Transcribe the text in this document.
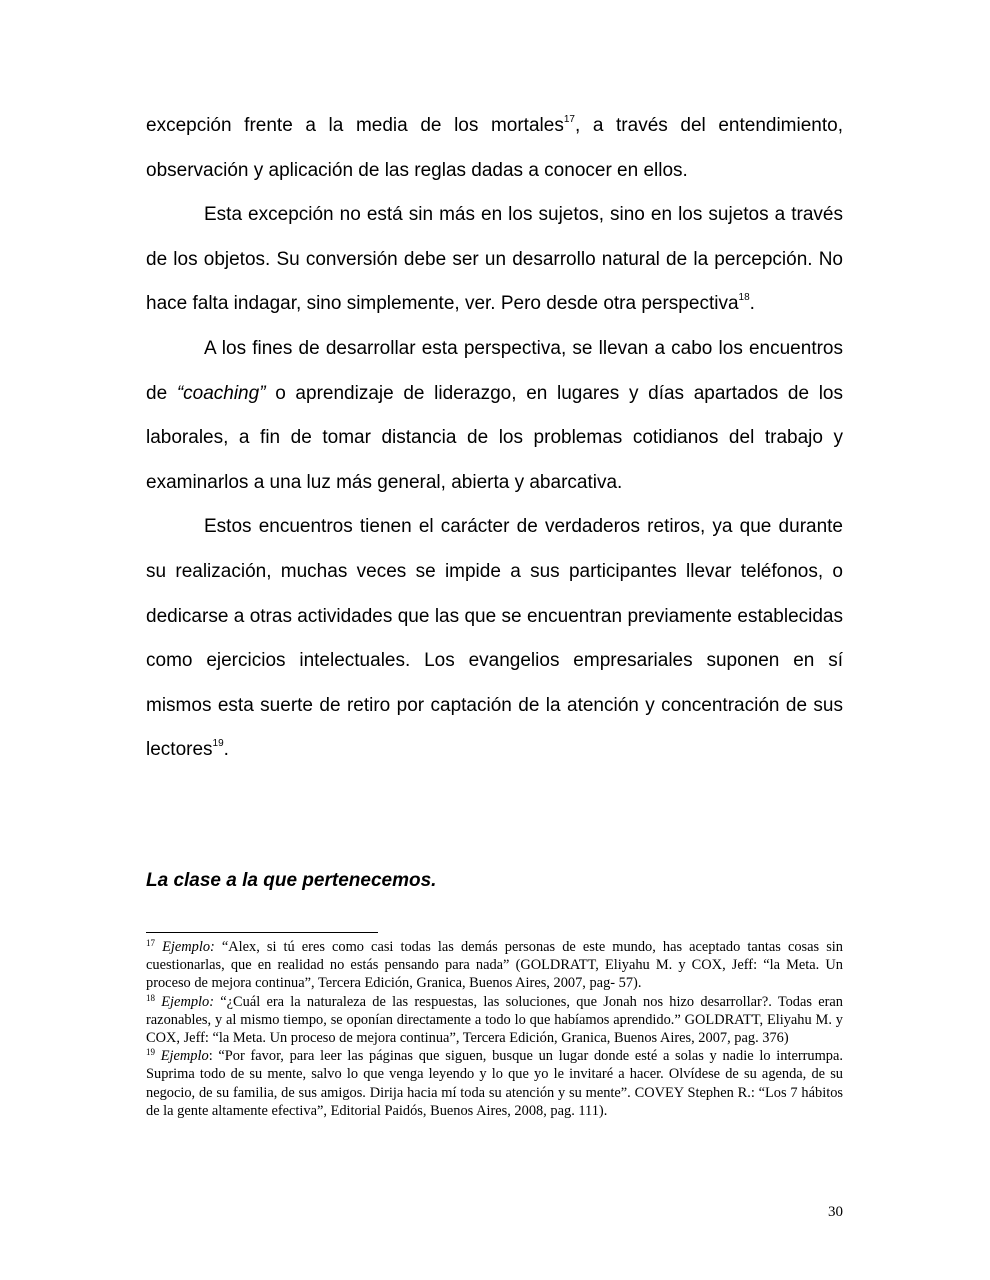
excepción frente a la media de los mortales$^{17}$, a través del entendimiento, observación y aplicación de las reglas dadas a conocer en ellos.

Esta excepción no está sin más en los sujetos, sino en los sujetos a través de los objetos. Su conversión debe ser un desarrollo natural de la percepción. No hace falta indagar, sino simplemente, ver. Pero desde otra perspectiva$^{18}$.

A los fines de desarrollar esta perspectiva, se llevan a cabo los encuentros de “coaching” o aprendizaje de liderazgo, en lugares y días apartados de los laborales, a fin de tomar distancia de los problemas cotidianos del trabajo y examinarlos a una luz más general, abierta y abarcativa.

Estos encuentros tienen el carácter de verdaderos retiros, ya que durante su realización, muchas veces se impide a sus participantes llevar teléfonos, o dedicarse a otras actividades que las que se encuentran previamente establecidas como ejercicios intelectuales. Los evangelios empresariales suponen en sí mismos esta suerte de retiro por captación de la atención y concentración de sus lectores$^{19}$.

La clase a la que pertenecemos.

$^{17}$ Ejemplo: “Alex, si tú eres como casi todas las demás personas de este mundo, has aceptado tantas cosas sin cuestionarlas, que en realidad no estás pensando para nada” (GOLDRATT, Eliyahu M. y COX, Jeff: “la Meta. Un proceso de mejora continua”, Tercera Edición, Granica, Buenos Aires, 2007, pag- 57).

$^{18}$ Ejemplo: “¿Cuál era la naturaleza de las respuestas, las soluciones, que Jonah nos hizo desarrollar?. Todas eran razonables, y al mismo tiempo, se oponían directamente a todo lo que habíamos aprendido.” GOLDRATT, Eliyahu M. y COX, Jeff: “la Meta. Un proceso de mejora continua”, Tercera Edición, Granica, Buenos Aires, 2007, pag. 376)

$^{19}$ Ejemplo: “Por favor, para leer las páginas que siguen, busque un lugar donde esté a solas y nadie lo interrumpa. Suprima todo de su mente, salvo lo que venga leyendo y lo que yo le invitaré a hacer. Olvídese de su agenda, de su negocio, de su familia, de sus amigos. Dirija hacia mí toda su atención y su mente”. COVEY Stephen R.: “Los 7 hábitos de la gente altamente efectiva”, Editorial Paidós, Buenos Aires, 2008, pag. 111).

30
